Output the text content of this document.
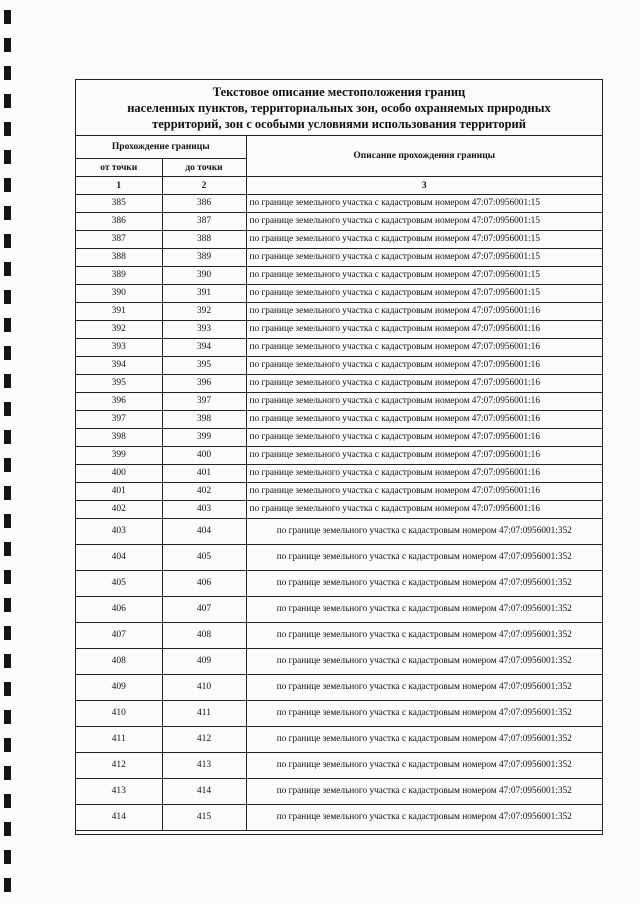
Текстовое описание местоположения границ
населенных пунктов, территориальных зон, особо охраняемых природных
территорий, зон с особыми условиями использования территорий
Прохождение границы		Описание прохождения границы
от точки	до точки	
1	2	3
385	386	по границе земельного участка с кадастровым номером 47:07:0956001:15
386	387	по границе земельного участка с кадастровым номером 47:07:0956001:15
387	388	по границе земельного участка с кадастровым номером 47:07:0956001:15
388	389	по границе земельного участка с кадастровым номером 47:07:0956001:15
389	390	по границе земельного участка с кадастровым номером 47:07:0956001:15
390	391	по границе земельного участка с кадастровым номером 47:07:0956001:15
391	392	по границе земельного участка с кадастровым номером 47:07:0956001:16
392	393	по границе земельного участка с кадастровым номером 47:07:0956001:16
393	394	по границе земельного участка с кадастровым номером 47:07:0956001:16
394	395	по границе земельного участка с кадастровым номером 47:07:0956001:16
395	396	по границе земельного участка с кадастровым номером 47:07:0956001:16
396	397	по границе земельного участка с кадастровым номером 47:07:0956001:16
397	398	по границе земельного участка с кадастровым номером 47:07:0956001:16
398	399	по границе земельного участка с кадастровым номером 47:07:0956001:16
399	400	по границе земельного участка с кадастровым номером 47:07:0956001:16
400	401	по границе земельного участка с кадастровым номером 47:07:0956001:16
401	402	по границе земельного участка с кадастровым номером 47:07:0956001:16
402	403	по границе земельного участка с кадастровым номером 47:07:0956001:16
403	404	по границе земельного участка с кадастровым номером 47:07:0956001:352
404	405	по границе земельного участка с кадастровым номером 47:07:0956001:352
405	406	по границе земельного участка с кадастровым номером 47:07:0956001:352
406	407	по границе земельного участка с кадастровым номером 47:07:0956001:352
407	408	по границе земельного участка с кадастровым номером 47:07:0956001:352
408	409	по границе земельного участка с кадастровым номером 47:07:0956001:352
409	410	по границе земельного участка с кадастровым номером 47:07:0956001:352
410	411	по границе земельного участка с кадастровым номером 47:07:0956001:352
411	412	по границе земельного участка с кадастровым номером 47:07:0956001:352
412	413	по границе земельного участка с кадастровым номером 47:07:0956001:352
413	414	по границе земельного участка с кадастровым номером 47:07:0956001:352
414	415	по границе земельного участка с кадастровым номером 47:07:0956001:352
